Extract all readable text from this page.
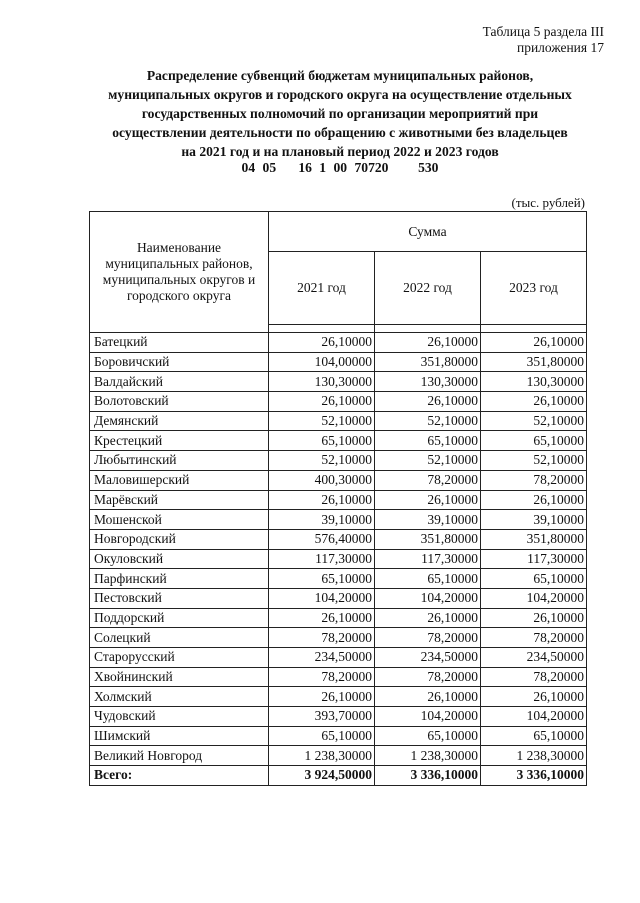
Таблица 5 раздела III
приложения 17
Распределение субвенций бюджетам муниципальных районов,
муниципальных округов и городского округа на осуществление отдельных
государственных полномочий по организации мероприятий при
осуществлении деятельности по обращению с животными без владельцев
на 2021 год и на плановый период 2022 и 2023 годов
04 05   16 1 00 70720    530
(тыс. рублей)
Наименование муниципальных районов, муниципальных округов и городского округа	Сумма		
	2021 год	2022 год	2023 год

Батецкий	26,10000	26,10000	26,10000
Боровичский	104,00000	351,80000	351,80000
Валдайский	130,30000	130,30000	130,30000
Волотовский	26,10000	26,10000	26,10000
Демянский	52,10000	52,10000	52,10000
Крестецкий	65,10000	65,10000	65,10000
Любытинский	52,10000	52,10000	52,10000
Маловишерский	400,30000	78,20000	78,20000
Марёвский	26,10000	26,10000	26,10000
Мошенской	39,10000	39,10000	39,10000
Новгородский	576,40000	351,80000	351,80000
Окуловский	117,30000	117,30000	117,30000
Парфинский	65,10000	65,10000	65,10000
Пестовский	104,20000	104,20000	104,20000
Поддорский	26,10000	26,10000	26,10000
Солецкий	78,20000	78,20000	78,20000
Старорусский	234,50000	234,50000	234,50000
Хвойнинский	78,20000	78,20000	78,20000
Холмский	26,10000	26,10000	26,10000
Чудовский	393,70000	104,20000	104,20000
Шимский	65,10000	65,10000	65,10000
Великий Новгород	1 238,30000	1 238,30000	1 238,30000
Всего:	3 924,50000	3 336,10000	3 336,10000
